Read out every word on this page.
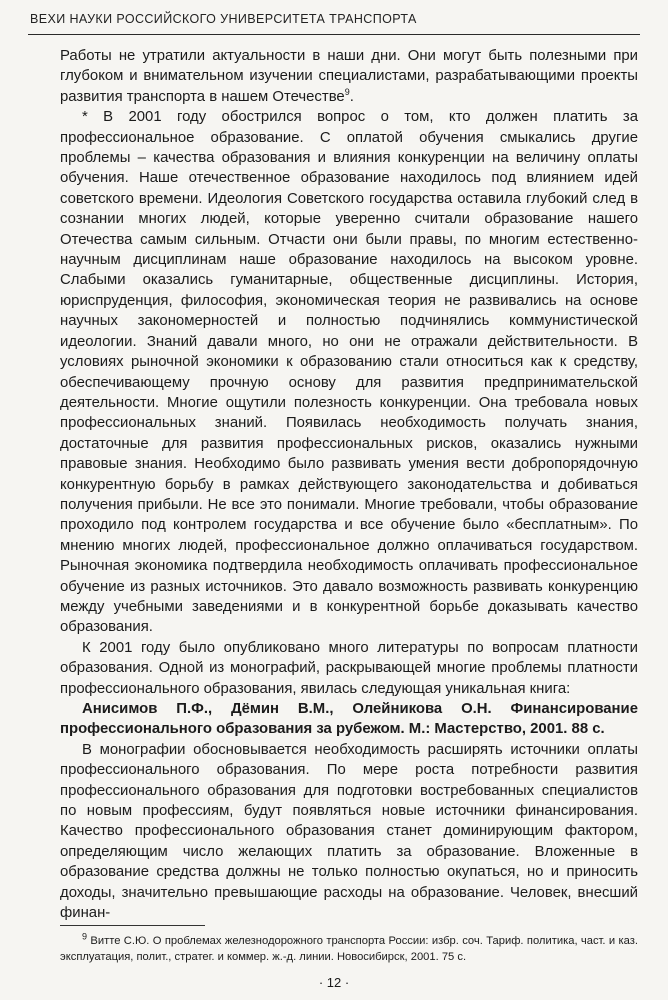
ВЕХИ НАУКИ РОССИЙСКОГО УНИВЕРСИТЕТА ТРАНСПОРТА

Работы не утратили актуальности в наши дни. Они могут быть полезными при глубоком и внимательном изучении специалистами, разрабатывающими проекты развития транспорта в нашем Отечестве$^9$.

* В 2001 году обострился вопрос о том, кто должен платить за профессиональное образование. С оплатой обучения смыкались другие проблемы – качества образования и влияния конкуренции на величину оплаты обучения. Наше отечественное образование находилось под влиянием идей советского времени. Идеология Советского государства оставила глубокий след в сознании многих людей, которые уверенно считали образование нашего Отечества самым сильным. Отчасти они были правы, по многим естественно-научным дисциплинам наше образование находилось на высоком уровне. Слабыми оказались гуманитарные, общественные дисциплины. История, юриспруденция, философия, экономическая теория не развивались на основе научных закономерностей и полностью подчинялись коммунистической идеологии. Знаний давали много, но они не отражали действительности. В условиях рыночной экономики к образованию стали относиться как к средству, обеспечивающему прочную основу для развития предпринимательской деятельности. Многие ощутили полезность конкуренции. Она требовала новых профессиональных знаний. Появилась необходимость получать знания, достаточные для развития профессиональных рисков, оказались нужными правовые знания. Необходимо было развивать умения вести добропорядочную конкурентную борьбу в рамках действующего законодательства и добиваться получения прибыли. Не все это понимали. Многие требовали, чтобы образование проходило под контролем государства и все обучение было «бесплатным». По мнению многих людей, профессиональное должно оплачиваться государством. Рыночная экономика подтвердила необходимость оплачивать профессиональное обучение из разных источников. Это давало возможность развивать конкуренцию между учебными заведениями и в конкурентной борьбе доказывать качество образования.

К 2001 году было опубликовано много литературы по вопросам платности образования. Одной из монографий, раскрывающей многие проблемы платности профессионального образования, явилась следующая уникальная книга:

Анисимов П.Ф., Дёмин В.М., Олейникова О.Н. Финансирование профессионального образования за рубежом. М.: Мастерство, 2001. 88 с.

В монографии обосновывается необходимость расширять источники оплаты профессионального образования. По мере роста потребности развития профессионального образования для подготовки востребованных специалистов по новым профессиям, будут появляться новые источники финансирования. Качество профессионального образования станет доминирующим фактором, определяющим число желающих платить за образование. Вложенные в образование средства должны не только полностью окупаться, но и приносить доходы, значительно превышающие расходы на образование. Человек, внесший финан-

$^9$ Витте С.Ю. О проблемах железнодорожного транспорта России: избр. соч. Тариф. политика, част. и каз. эксплуатация, полит., стратег. и коммер. ж.-д. линии. Новосибирск, 2001. 75 с.

· 12 ·
